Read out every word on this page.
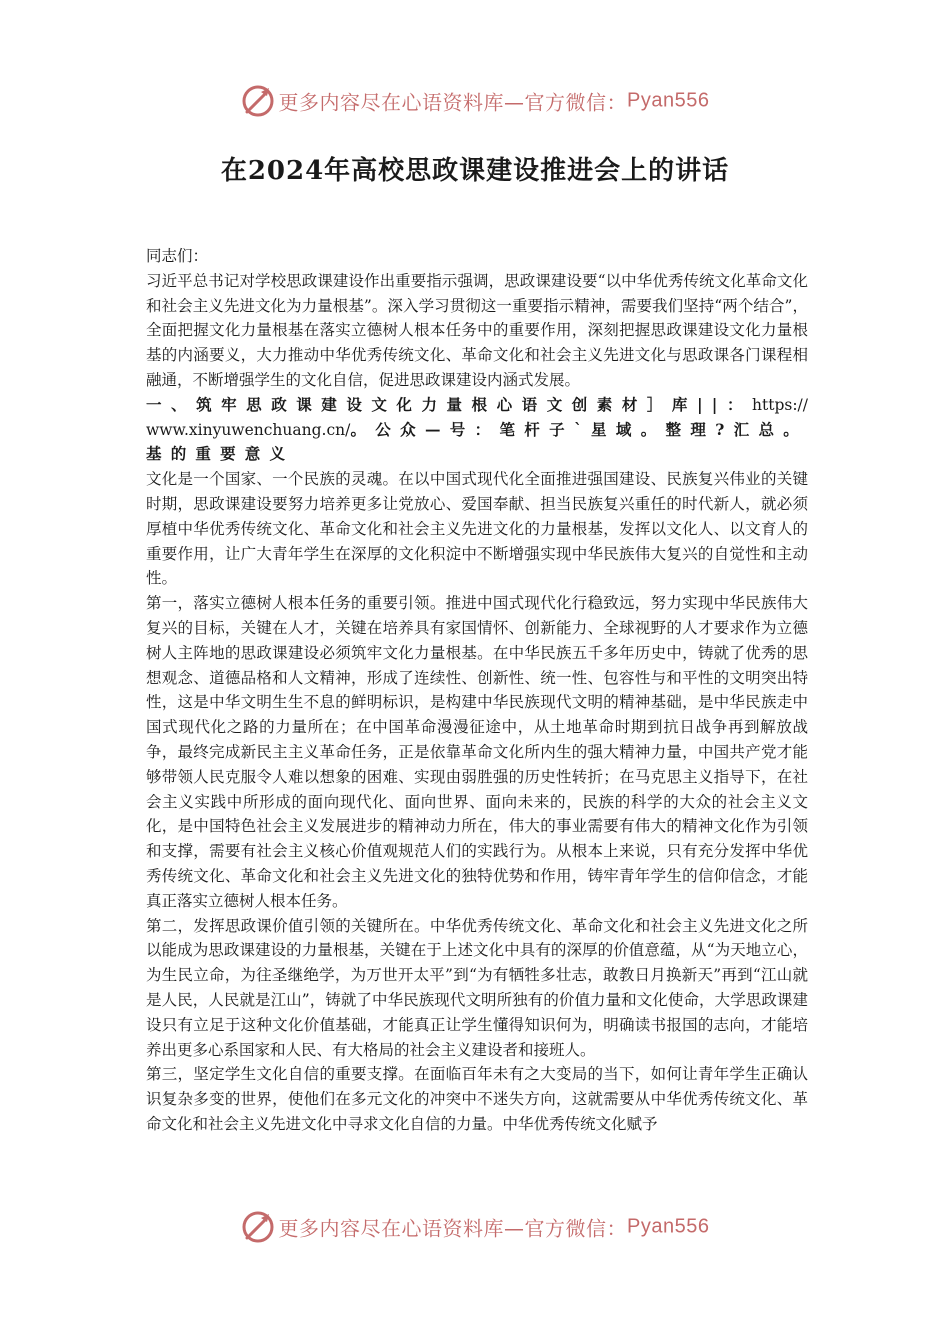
更多内容尽在心语资料库—官方微信：Pyan556
在2024年高校思政课建设推进会上的讲话

同志们：

习近平总书记对学校思政课建设作出重要指示强调，思政课建设要“以中华优秀传统文化革命文化和社会主义先进文化为力量根基”。深入学习贯彻这一重要指示精神，需要我们坚持“两个结合”，全面把握文化力量根基在落实立德树人根本任务中的重要作用，深刻把握思政课建设文化力量根基的内涵要义，大力推动中华优秀传统文化、革命文化和社会主义先进文化与思政课各门课程相融通，不断增强学生的文化自信，促进思政课建设内涵式发展。

一、筑牢思政课建设文化力量根心语文创素材］库||：https://www.xinyuwenchuang.cn/。公众—号：笔杆子`星域。整理?汇总。基的重要意义

文化是一个国家、一个民族的灵魂。在以中国式现代化全面推进强国建设、民族复兴伟业的关键时期，思政课建设要努力培养更多让党放心、爱国奉献、担当民族复兴重任的时代新人，就必须厚植中华优秀传统文化、革命文化和社会主义先进文化的力量根基，发挥以文化人、以文育人的重要作用，让广大青年学生在深厚的文化积淀中不断增强实现中华民族伟大复兴的自觉性和主动性。

第一，落实立德树人根本任务的重要引领。推进中国式现代化行稳致远，努力实现中华民族伟大复兴的目标，关键在人才，关键在培养具有家国情怀、创新能力、全球视野的人才要求作为立德树人主阵地的思政课建设必须筑牢文化力量根基。在中华民族五千多年历史中，铸就了优秀的思想观念、道德品格和人文精神，形成了连续性、创新性、统一性、包容性与和平性的文明突出特性，这是中华文明生生不息的鲜明标识，是构建中华民族现代文明的精神基础，是中华民族走中国式现代化之路的力量所在；在中国革命漫漫征途中，从土地革命时期到抗日战争再到解放战争，最终完成新民主主义革命任务，正是依靠革命文化所内生的强大精神力量，中国共产党才能够带领人民克服令人难以想象的困难、实现由弱胜强的历史性转折；在马克思主义指导下，在社会主义实践中所形成的面向现代化、面向世界、面向未来的，民族的科学的大众的社会主义文化，是中国特色社会主义发展进步的精神动力所在，伟大的事业需要有伟大的精神文化作为引领和支撑，需要有社会主义核心价值观规范人们的实践行为。从根本上来说，只有充分发挥中华优秀传统文化、革命文化和社会主义先进文化的独特优势和作用，铸牢青年学生的信仰信念，才能真正落实立德树人根本任务。

第二，发挥思政课价值引领的关键所在。中华优秀传统文化、革命文化和社会主义先进文化之所以能成为思政课建设的力量根基，关键在于上述文化中具有的深厚的价值意蕴，从“为天地立心，为生民立命，为往圣继绝学，为万世开太平”到“为有牺牲多壮志，敢教日月换新天”再到“江山就是人民，人民就是江山”，铸就了中华民族现代文明所独有的价值力量和文化使命，大学思政课建设只有立足于这种文化价值基础，才能真正让学生懂得知识何为，明确读书报国的志向，才能培养出更多心系国家和人民、有大格局的社会主义建设者和接班人。

第三，坚定学生文化自信的重要支撑。在面临百年未有之大变局的当下，如何让青年学生正确认识复杂多变的世界，使他们在多元文化的冲突中不迷失方向，这就需要从中华优秀传统文化、革命文化和社会主义先进文化中寻求文化自信的力量。中华优秀传统文化赋予

更多内容尽在心语资料库—官方微信：Pyan556
